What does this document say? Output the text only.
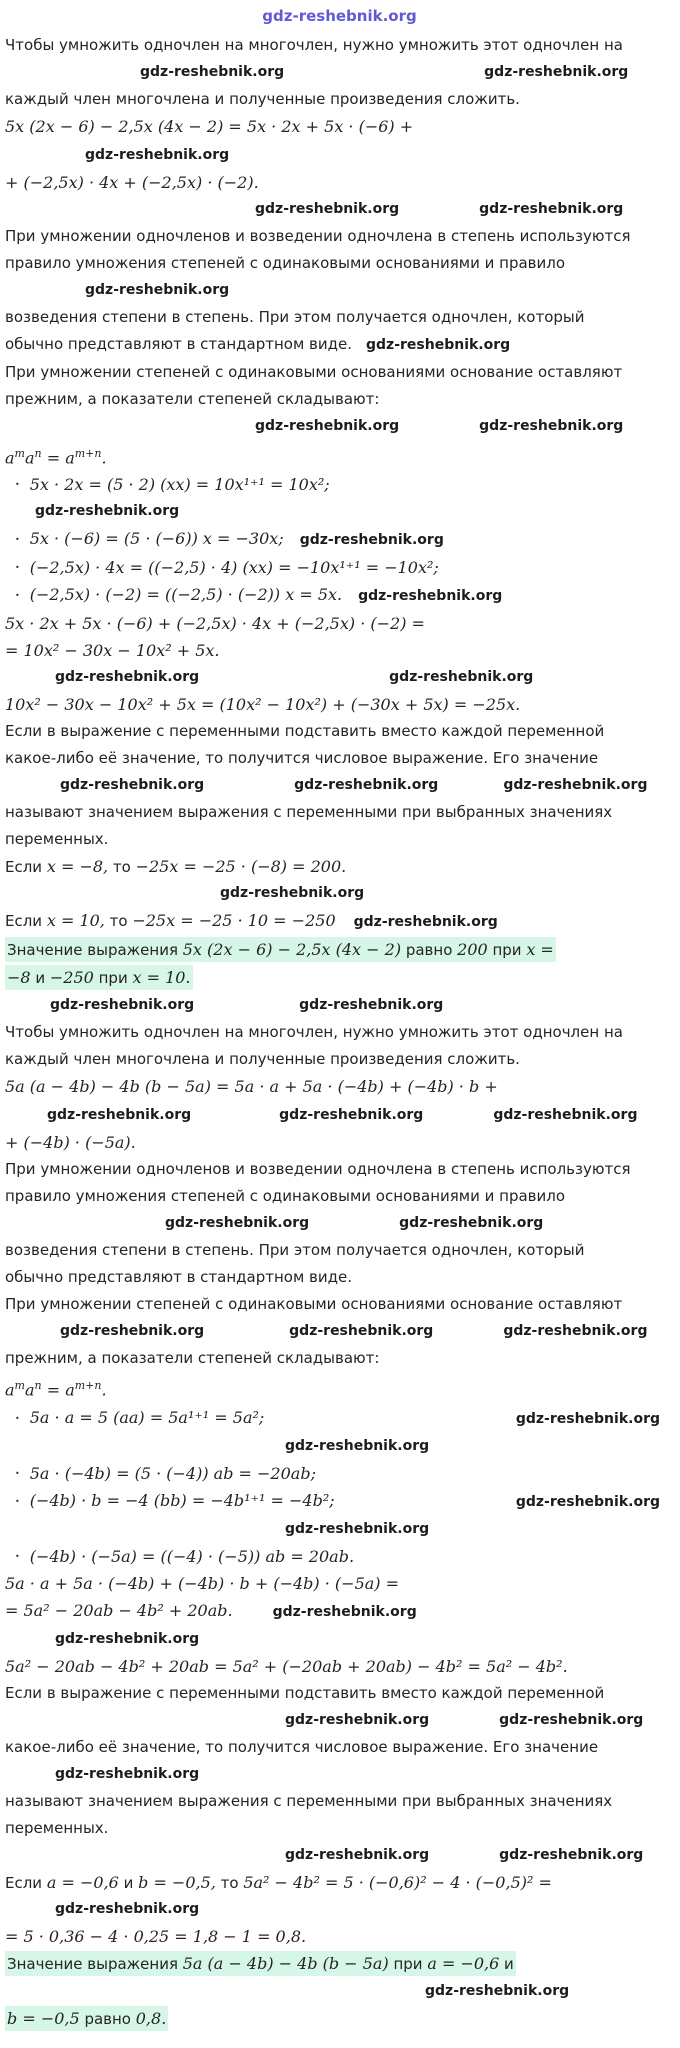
gdz-reshebnik.org
Чтобы умножить одночлен на многочлен, нужно умножить этот одночлен на
gdz-reshebnik.org	gdz-reshebnik.org
каждый член многочлена и полученные произведения сложить.
5x (2x − 6) − 2,5x (4x − 2) = 5x · 2x + 5x · (−6) +
gdz-reshebnik.org
+ (−2,5x) · 4x + (−2,5x) · (−2).
gdz-reshebnik.org	gdz-reshebnik.org
При умножении одночленов и возведении одночлена в степень используются
правило умножения степеней с одинаковыми основаниями и правило
gdz-reshebnik.org
возведения степени в степень. При этом получается одночлен, который
обычно представляют в стандартном виде. gdz-reshebnik.org
При умножении степеней с одинаковыми основаниями основание оставляют
прежним, а показатели степеней складывают:
gdz-reshebnik.org	gdz-reshebnik.org
$a^ma^n = a^{m+n}$.
• 5x · 2x = (5 · 2) (xx) = 10x¹⁺¹ = 10x²;
gdz-reshebnik.org
• 5x · (−6) = (5 · (−6)) x = −30x; gdz-reshebnik.org
• (−2,5x) · 4x = ((−2,5) · 4) (xx) = −10x¹⁺¹ = −10x²;
• (−2,5x) · (−2) = ((−2,5) · (−2)) x = 5x. gdz-reshebnik.org
5x · 2x + 5x · (−6) + (−2,5x) · 4x + (−2,5x) · (−2) =
= 10x² − 30x − 10x² + 5x.
gdz-reshebnik.org	gdz-reshebnik.org
10x² − 30x − 10x² + 5x = (10x² − 10x²) + (−30x + 5x) = −25x.
Если в выражение с переменными подставить вместо каждой переменной
какое-либо её значение, то получится числовое выражение. Его значение
gdz-reshebnik.org	gdz-reshebnik.org	gdz-reshebnik.org
называют значением выражения с переменными при выбранных значениях
переменных.
Если x = −8, то −25x = −25 · (−8) = 200.
gdz-reshebnik.org
Если x = 10, то −25x = −25 · 10 = −250 gdz-reshebnik.org
Значение выражения 5x (2x − 6) − 2,5x (4x − 2) равно 200 при x =
−8 и −250 при x = 10.
gdz-reshebnik.org	gdz-reshebnik.org
Чтобы умножить одночлен на многочлен, нужно умножить этот одночлен на
каждый член многочлена и полученные произведения сложить.
5a (a − 4b) − 4b (b − 5a) = 5a · a + 5a · (−4b) + (−4b) · b +
gdz-reshebnik.org	gdz-reshebnik.org	gdz-reshebnik.org
+ (−4b) · (−5a).
При умножении одночленов и возведении одночлена в степень используются
правило умножения степеней с одинаковыми основаниями и правило
gdz-reshebnik.org	gdz-reshebnik.org
возведения степени в степень. При этом получается одночлен, который
обычно представляют в стандартном виде.
При умножении степеней с одинаковыми основаниями основание оставляют
gdz-reshebnik.org	gdz-reshebnik.org	gdz-reshebnik.org
прежним, а показатели степеней складывают:
$a^ma^n = a^{m+n}$.
• 5a · a = 5 (aa) = 5a¹⁺¹ = 5a²;	gdz-reshebnik.org
gdz-reshebnik.org
• 5a · (−4b) = (5 · (−4)) ab = −20ab;
• (−4b) · b = −4 (bb) = −4b¹⁺¹ = −4b²;	gdz-reshebnik.org
gdz-reshebnik.org
• (−4b) · (−5a) = ((−4) · (−5)) ab = 20ab.
5a · a + 5a · (−4b) + (−4b) · b + (−4b) · (−5a) =
= 5a² − 20ab − 4b² + 20ab.	gdz-reshebnik.org
gdz-reshebnik.org
5a² − 20ab − 4b² + 20ab = 5a² + (−20ab + 20ab) − 4b² = 5a² − 4b².
Если в выражение с переменными подставить вместо каждой переменной
gdz-reshebnik.org	gdz-reshebnik.org
какое-либо её значение, то получится числовое выражение. Его значение
gdz-reshebnik.org
называют значением выражения с переменными при выбранных значениях
переменных.
gdz-reshebnik.org	gdz-reshebnik.org
Если a = −0,6 и b = −0,5, то 5a² − 4b² = 5 · (−0,6)² − 4 · (−0,5)² =
gdz-reshebnik.org
= 5 · 0,36 − 4 · 0,25 = 1,8 − 1 = 0,8.
Значение выражения 5a (a − 4b) − 4b (b − 5a) при a = −0,6 и
gdz-reshebnik.org
b = −0,5 равно 0,8.
